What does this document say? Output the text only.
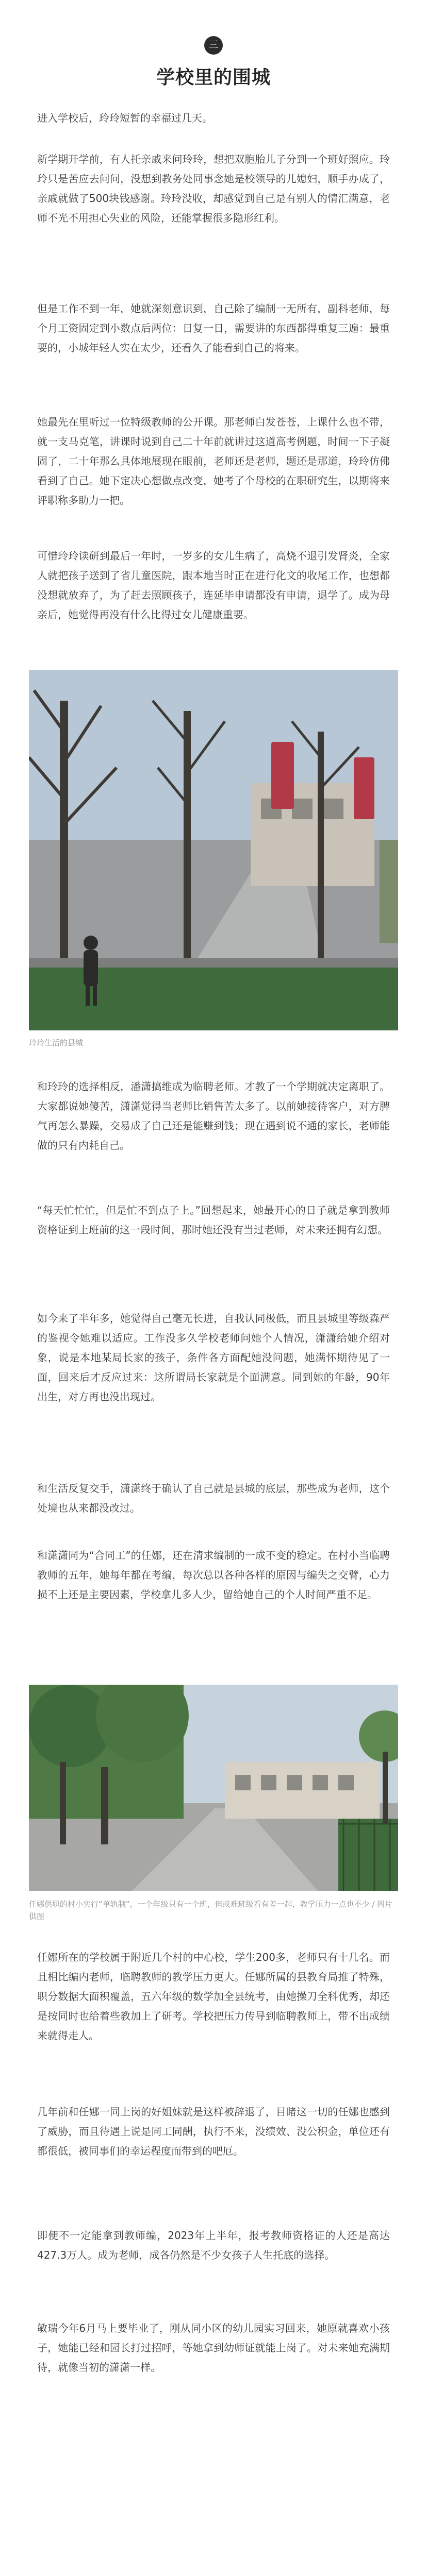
三
学校里的围城

进入学校后，玲玲短暂的幸福过几天。

新学期开学前，有人托亲戚来问玲玲，想把双胞胎儿子分到一个班好照应。玲玲只是苦应去问问，没想到教务处同事念她是校领导的儿媳妇，顺手办成了，亲戚就做了500块钱感谢。玲玲没收，却感觉到自己是有别人的情汇满意，老师不光不用担心失业的风险，还能掌握很多隐形红利。

但是工作不到一年，她就深刻意识到，自己除了编制一无所有，副科老师，每个月工资固定到小数点后两位：日复一日，需要讲的东西都得重复三遍：最重要的，小城年轻人实在太少，还看久了能看到自己的将来。

她最先在里听过一位特级教师的公开课。那老师白发苍苍，上课什么也不带，就一支马克笔，讲课时说到自己二十年前就讲过这道高考例题，时间一下子凝固了，二十年那么具体地展现在眼前，老师还是老师，题还是那道，玲玲仿佛看到了自己。她下定决心想做点改变，她考了个母校的在职研究生，以期将来评职称多助力一把。

可惜玲玲读研到最后一年时，一岁多的女儿生病了，高烧不退引发肾炎，全家人就把孩子送到了省儿童医院，跟本地当时正在进行化文的收尾工作，也想都没想就放弃了，为了赶去照顾孩子，连延毕申请都没有申请，退学了。成为母亲后，她觉得再没有什么比得过女儿健康重要。

玲玲生活的县城

和玲玲的选择相反，潘潇搞维成为临聘老师。才教了一个学期就决定离职了。大家都说她傻苦，潇潇觉得当老师比销售苦太多了。以前她接待客户，对方脾气再怎么暴躁，交易成了自己还是能赚到钱；现在遇到说不通的家长，老师能做的只有内耗自己。

“每天忙忙忙，但是忙不到点子上。”回想起来，她最开心的日子就是拿到教师资格证到上班前的这一段时间，那时她还没有当过老师，对未来还拥有幻想。

如今来了半年多，她觉得自己毫无长进，自我认同极低，而且县城里等级森严的鉴视令她难以适应。工作没多久学校老师问她个人情况，潇潇给她介绍对象，说是本地某局长家的孩子，条件各方面配她没问题，她满怀期待见了一面，回来后才反应过来：这所谓局长家就是个面满意。同到她的年龄，90年出生，对方再也没出现过。

和生活反复交手，潇潇终于确认了自己就是县城的底层，那些成为老师，这个处境也从来都没改过。

和潇潇同为“合同工”的任娜，还在清求编制的一成不变的稳定。在村小当临聘教师的五年，她每年都在考编，每次总以各种各样的原因与编失之交臂，心力损不上还是主要因素，学校拿儿多人少，留给她自己的个人时间严重不足。

任娜供职的村小实行“单轨制”，一个年级只有一个班，但或难班级看有差一起，教学压力一点也不少 / 图片供图

任娜所在的学校属于附近几个村的中心校，学生200多，老师只有十几名。而且相比编内老师，临聘教师的教学压力更大。任娜所属的县教育局推了特殊，职分数据大面积覆盖，五六年级的数学加全县统考，由她操刀全科优秀，却还是按同时也给着些教加上了研考。学校把压力传导到临聘教师上，带不出成绩来就得走人。

几年前和任娜一同上岗的好姐妹就是这样被辞退了，目睹这一切的任娜也感到了威胁，而且待遇上说是同工同酬，执行不来，没绩效、没公积金，单位还有都很低，被同事们的幸运程度而带到的吧厄。

即便不一定能拿到教师编，2023年上半年，报考教师资格证的人还是高达427.3万人。成为老师，成各仍然是不少女孩子人生托底的选择。

敏瑞今年6月马上要毕业了，刚从同小区的幼儿园实习回来，她原就喜欢小孩子，她能已经和园长打过招呼，等她拿到幼师证就能上岗了。对未来她充满期待，就像当初的潇潇一样。
